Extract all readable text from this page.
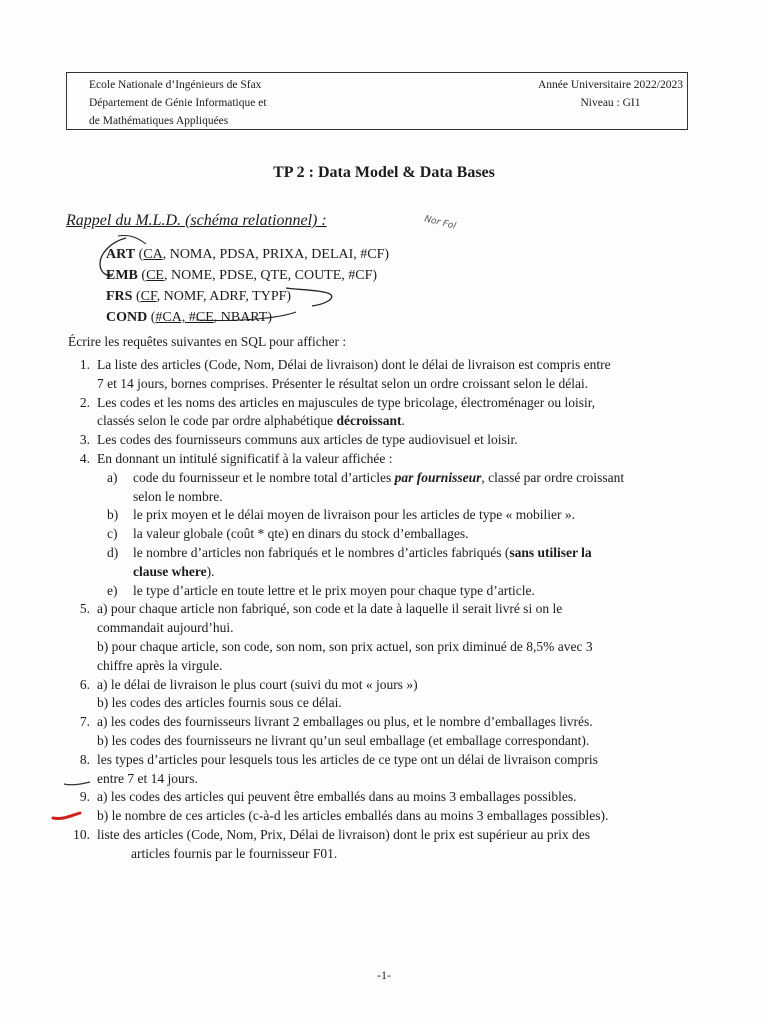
Ecole Nationale d’Ingénieurs de Sfax
Département de Génie Informatique et
de Mathématiques Appliquées
Année Universitaire 2022/2023
Niveau : GI1
TP 2 : Data Model & Data Bases
Rappel du M.L.D. (schéma relationnel) :	Nor Fol
ART (CA, NOMA, PDSA, PRIXA, DELAI, #CF)
EMB (CE, NOME, PDSE, QTE, COUTE, #CF)
FRS (CF, NOMF, ADRF, TYPF)
COND (#CA, #CE, NBART)
Écrire les requêtes suivantes en SQL pour afficher :
1. La liste des articles (Code, Nom, Délai de livraison) dont le délai de livraison est compris entre
7 et 14 jours, bornes comprises. Présenter le résultat selon un ordre croissant selon le délai.
2. Les codes et les noms des articles en majuscules de type bricolage, électroménager ou loisir,
classés selon le code par ordre alphabétique décroissant.
3. Les codes des fournisseurs communs aux articles de type audiovisuel et loisir.
4. En donnant un intitulé significatif à la valeur affichée :
a) code du fournisseur et le nombre total d’articles par fournisseur, classé par ordre croissant
selon le nombre.
b) le prix moyen et le délai moyen de livraison pour les articles de type « mobilier ».
c) la valeur globale (coût * qte) en dinars du stock d’emballages.
d) le nombre d’articles non fabriqués et le nombres d’articles fabriqués (sans utiliser la
clause where).
e) le type d’article en toute lettre et le prix moyen pour chaque type d’article.
5. a) pour chaque article non fabriqué, son code et la date à laquelle il serait livré si on le
commandait aujourd’hui.
b) pour chaque article, son code, son nom, son prix actuel, son prix diminué de 8,5% avec 3
chiffre après la virgule.
6. a) le délai de livraison le plus court (suivi du mot « jours »)
b) les codes des articles fournis sous ce délai.
7. a) les codes des fournisseurs livrant 2 emballages ou plus, et le nombre d’emballages livrés.
b) les codes des fournisseurs ne livrant qu’un seul emballage (et emballage correspondant).
8. les types d’articles pour lesquels tous les articles de ce type ont un délai de livraison compris
entre 7 et 14 jours.
9. a) les codes des articles qui peuvent être emballés dans au moins 3 emballages possibles.
b) le nombre de ces articles (c-à-d les articles emballés dans au moins 3 emballages possibles).
10. liste des articles (Code, Nom, Prix, Délai de livraison) dont le prix est supérieur au prix des
articles fournis par le fournisseur F01.
-1-
